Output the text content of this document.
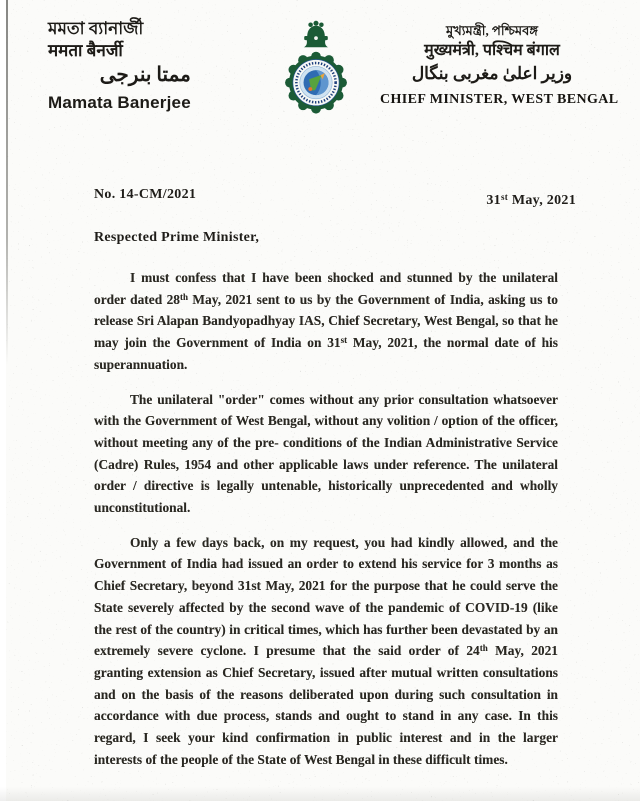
মমতা ব্যানার্জী
ममता बैनर्जी
ممتا بنرجی
Mamata Banerjee
মুখ্যমন্ত্রী, পশ্চিমবঙ্গ
मुख्यमंत्री, पश्चिम बंगाल
وزیر اعلیٰ مغربی بنگال
CHIEF MINISTER, WEST BENGAL
No. 14-CM/2021	31st May, 2021
Respected Prime Minister,

I must confess that I have been shocked and stunned by the unilateral order dated 28th May, 2021 sent to us by the Government of India, asking us to release Sri Alapan Bandyopadhyay IAS, Chief Secretary, West Bengal, so that he may join the Government of India on 31st May, 2021, the normal date of his superannuation.

The unilateral "order" comes without any prior consultation whatsoever with the Government of West Bengal, without any volition / option of the officer, without meeting any of the pre- conditions of the Indian Administrative Service (Cadre) Rules, 1954 and other applicable laws under reference. The unilateral order / directive is legally untenable, historically unprecedented and wholly unconstitutional.

Only a few days back, on my request, you had kindly allowed, and the Government of India had issued an order to extend his service for 3 months as Chief Secretary, beyond 31st May, 2021 for the purpose that he could serve the State severely affected by the second wave of the pandemic of COVID-19 (like the rest of the country) in critical times, which has further been devastated by an extremely severe cyclone. I presume that the said order of 24th May, 2021 granting extension as Chief Secretary, issued after mutual written consultations and on the basis of the reasons deliberated upon during such consultation in accordance with due process, stands and ought to stand in any case. In this regard, I seek your kind confirmation in public interest and in the larger interests of the people of the State of West Bengal in these difficult times.
